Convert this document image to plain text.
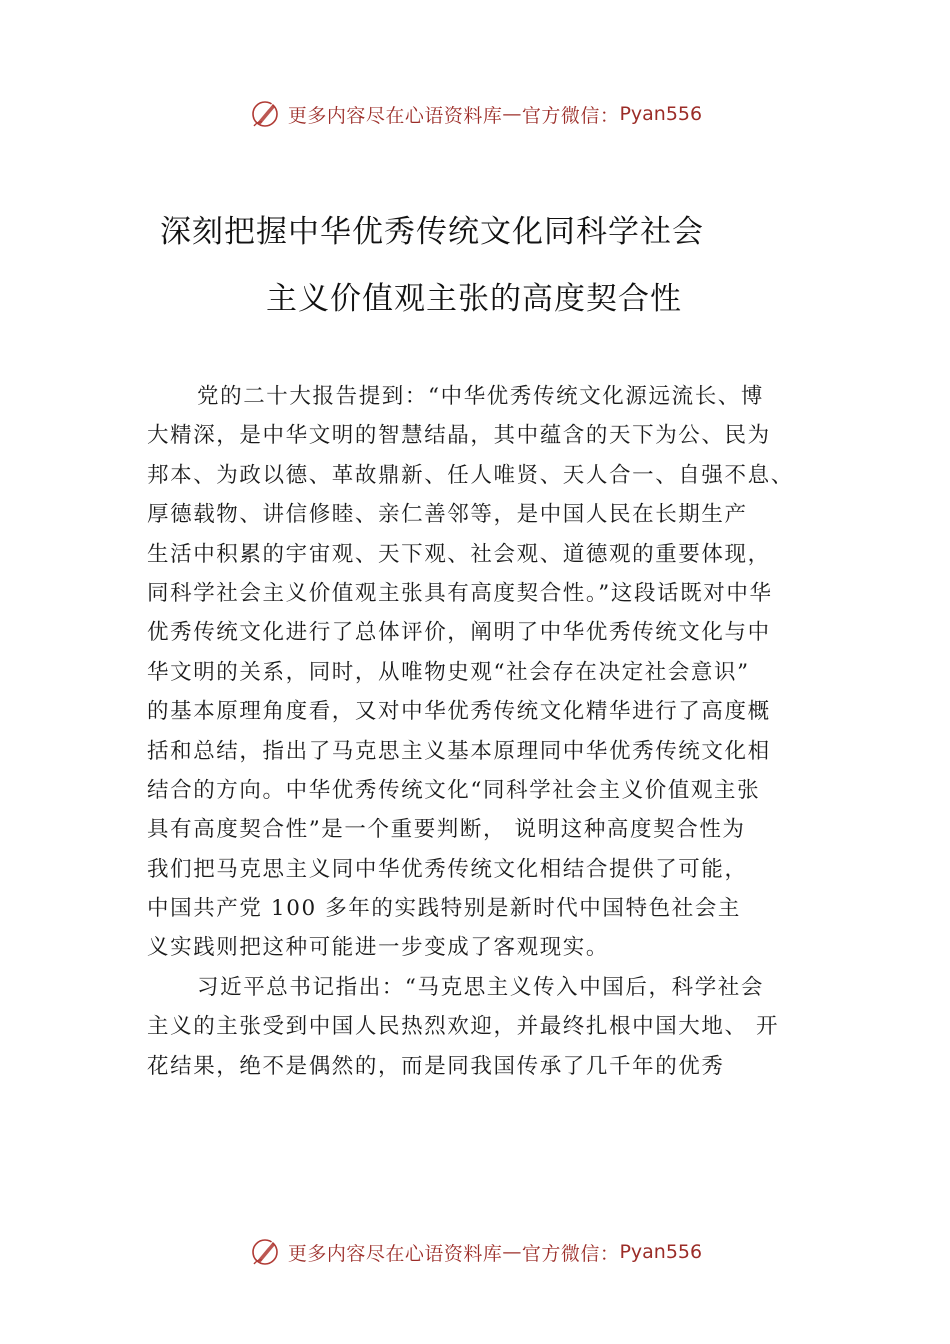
更多内容尽在心语资料库 — 官方微信： Pyan556
深刻把握中华优秀传统文化同科学社会
主义价值观主张的高度契合性
党的二十大报告提到：“中华优秀传统文化源远流长、博
大精深，是中华文明的智慧结晶，其中蕴含的天下为公、民为
邦本、为政以德、革故鼎新、任人唯贤、天人合一、自强不息、
厚德载物、讲信修睦、亲仁善邻等，是中国人民在长期生产
生活中积累的宇宙观、天下观、社会观、道德观的重要体现，
同科学社会主义价值观主张具有高度契合性。”这段话既对中华
优秀传统文化进行了总体评价，阐明了中华优秀传统文化与中
华文明的关系，同时，从唯物史观“社会存在决定社会意识”
的基本原理角度看，又对中华优秀传统文化精华进行了高度概
括和总结，指出了马克思主义基本原理同中华优秀传统文化相
结合的方向。中华优秀传统文化“同科学社会主义价值观主张
具有高度契合性”是一个重要判断， 说明这种高度契合性为
我们把马克思主义同中华优秀传统文化相结合提供了可能，
中国共产党 100 多年的实践特别是新时代中国特色社会主
义实践则把这种可能进一步变成了客观现实。
习近平总书记指出：“马克思主义传入中国后，科学社会
主义的主张受到中国人民热烈欢迎，并最终扎根中国大地、 开
花结果，绝不是偶然的，而是同我国传承了几千年的优秀
更多内容尽在心语资料库 — 官方微信： Pyan556
